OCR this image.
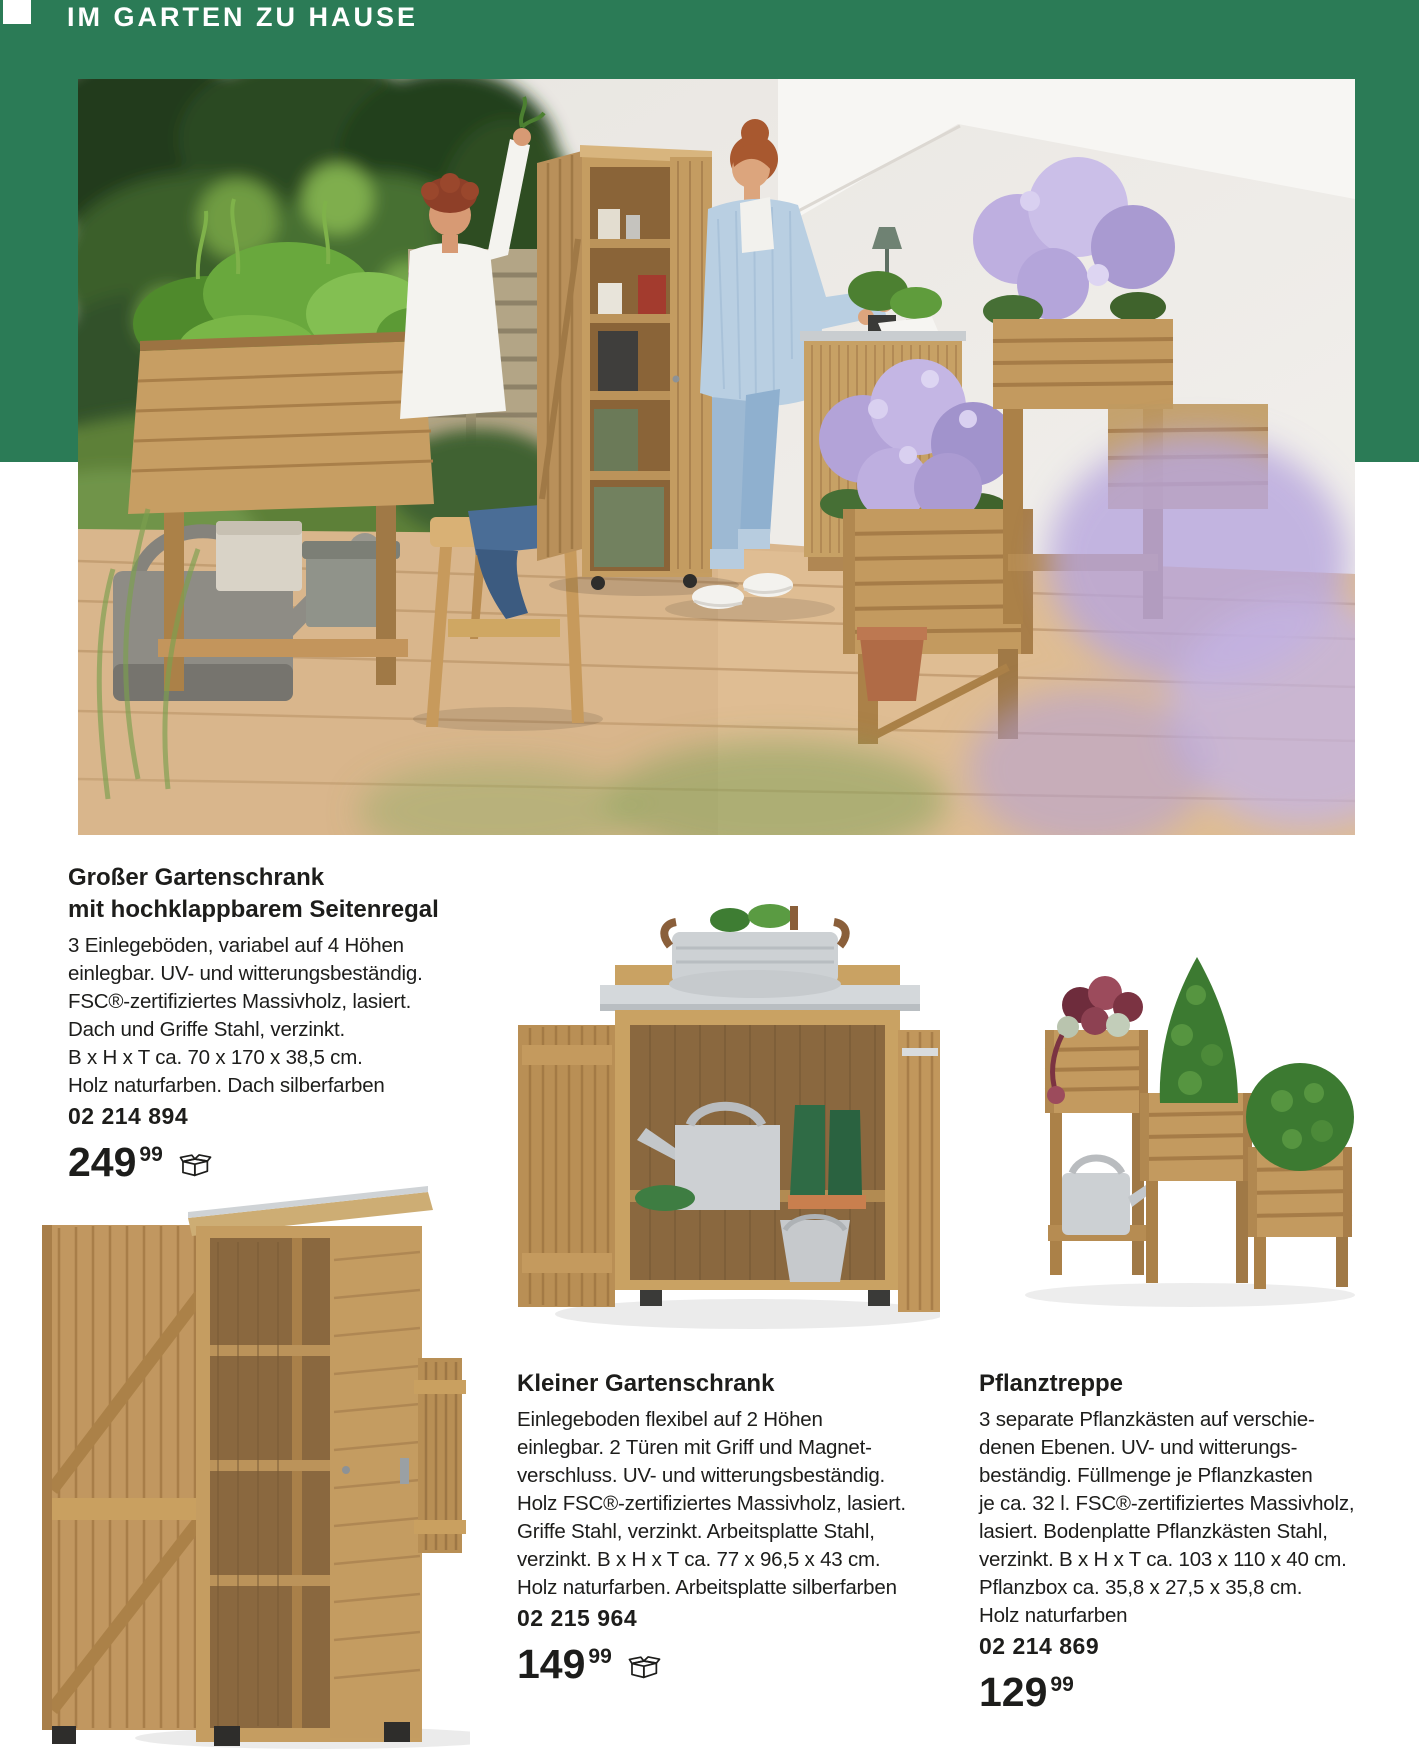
IM GARTEN ZU HAUSE
Großer Gartenschrank
mit hochklappbarem Seitenregal
3 Einlegeböden, variabel auf 4 Höhen
einlegbar. UV- und witterungsbeständig.
FSC®-zertifiziertes Massivholz, lasiert.
Dach und Griffe Stahl, verzinkt.
B x H x T ca. 70 x 170 x 38,5 cm.
Holz naturfarben. Dach silberfarben
02 214 894
249 99
Kleiner Gartenschrank
Einlegeboden flexibel auf 2 Höhen
einlegbar. 2 Türen mit Griff und Magnet-
verschluss. UV- und witterungsbeständig.
Holz FSC®-zertifiziertes Massivholz, lasiert.
Griffe Stahl, verzinkt. Arbeitsplatte Stahl,
verzinkt. B x H x T ca. 77 x 96,5 x 43 cm.
Holz naturfarben. Arbeitsplatte silberfarben
02 215 964
149 99
Pflanztreppe
3 separate Pflanzkästen auf verschie-
denen Ebenen. UV- und witterungs-
beständig. Füllmenge je Pflanzkasten
je ca. 32 l. FSC®-zertifiziertes Massivholz,
lasiert. Bodenplatte Pflanzkästen Stahl,
verzinkt. B x H x T ca. 103 x 110 x 40 cm.
Pflanzbox ca. 35,8 x 27,5 x 35,8 cm.
Holz naturfarben
02 214 869
129 99
